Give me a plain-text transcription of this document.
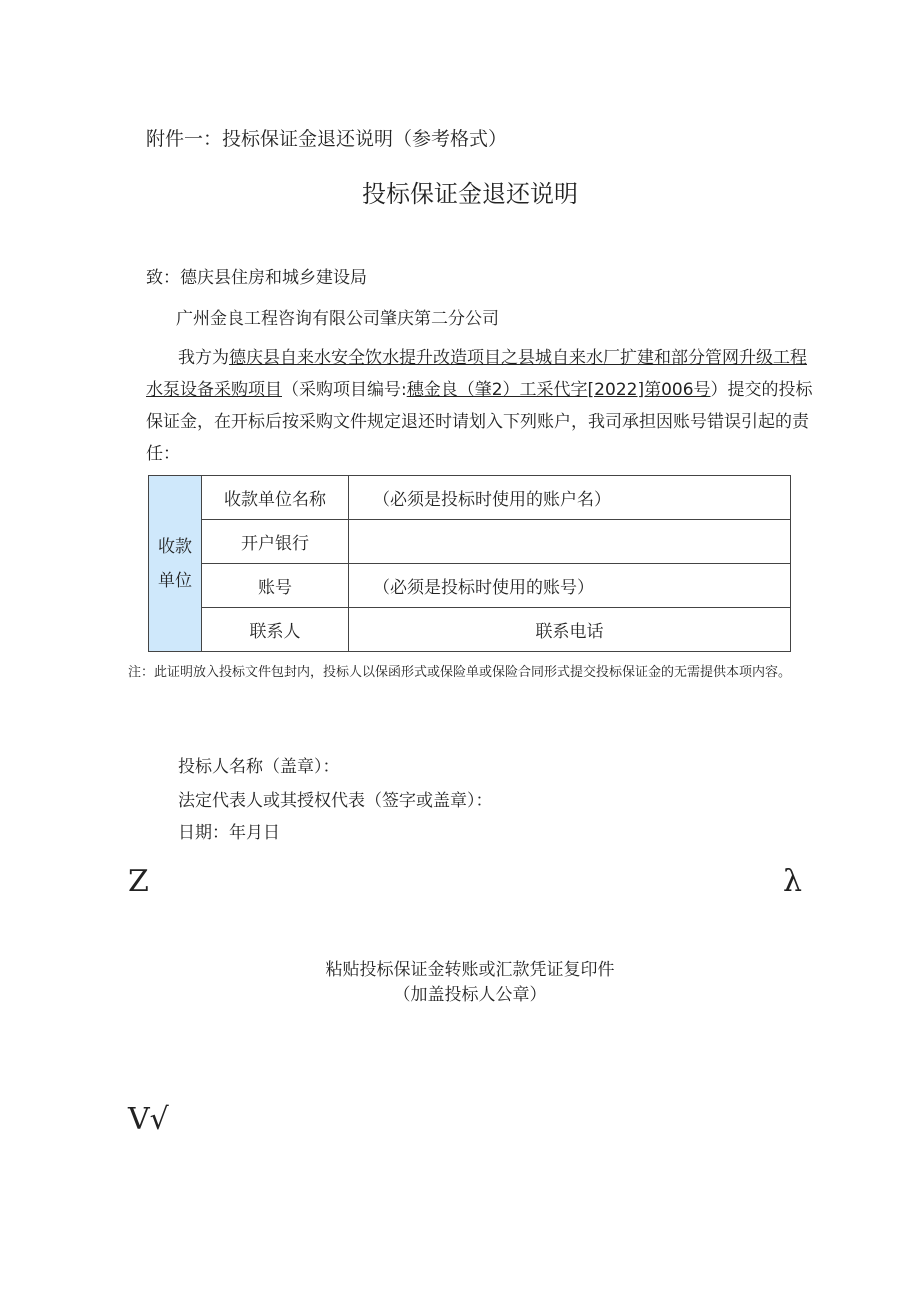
附件一：投标保证金退还说明（参考格式）
投标保证金退还说明
致：德庆县住房和城乡建设局
广州金良工程咨询有限公司肇庆第二分公司
我方为德庆县自来水安全饮水提升改造项目之县城自来水厂扩建和部分管网升级工程水泵设备采购项目（采购项目编号:穗金良（肇2）工采代字[2022]第006号）提交的投标保证金，在开标后按采购文件规定退还时请划入下列账户，我司承担因账号错误引起的责任：
收款
单位	收款单位名称	（必须是投标时使用的账户名）
	开户银行	
	账号	（必须是投标时使用的账号）
	联系人	联系电话
注：此证明放入投标文件包封内，投标人以保函形式或保险单或保险合同形式提交投标保证金的无需提供本项内容。
投标人名称（盖章）：
法定代表人或其授权代表（签字或盖章）：
日期：年月日
Z	λ
粘贴投标保证金转账或汇款凭证复印件
（加盖投标人公章）
V√
